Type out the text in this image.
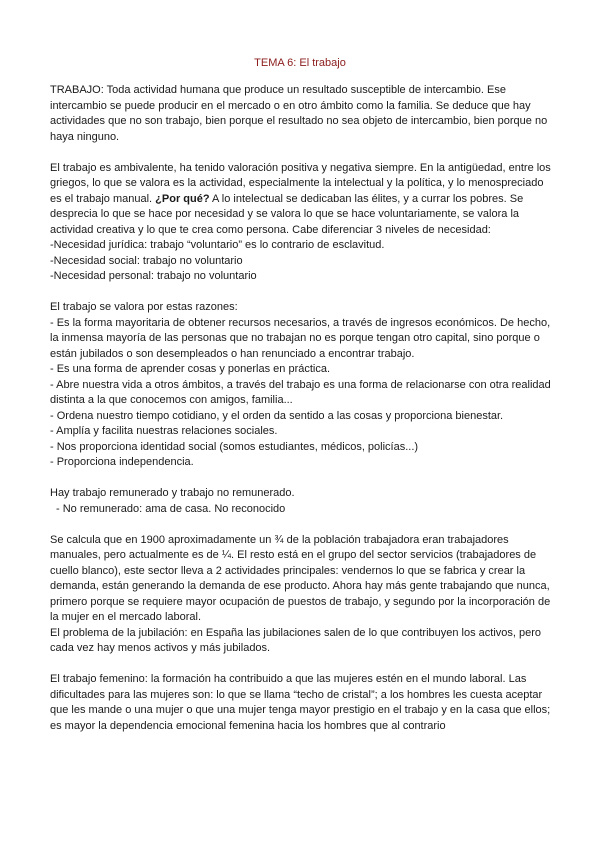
TEMA 6: El trabajo

TRABAJO: Toda actividad humana que produce un resultado susceptible de intercambio. Ese intercambio se puede producir en el mercado o en otro ámbito como la familia. Se deduce que hay actividades que no son trabajo, bien porque el resultado no sea objeto de intercambio, bien porque no haya ninguno.

El trabajo es ambivalente, ha tenido valoración positiva y negativa siempre. En la antigüedad, entre los griegos, lo que se valora es la actividad, especialmente la intelectual y la política, y lo menospreciado es el trabajo manual. ¿Por qué? A lo intelectual se dedicaban las élites, y a currar los pobres. Se desprecia lo que se hace por necesidad y se valora lo que se hace voluntariamente, se valora la actividad creativa y lo que te crea como persona. Cabe diferenciar 3 niveles de necesidad:

-Necesidad jurídica: trabajo “voluntario” es lo contrario de esclavitud.

-Necesidad social: trabajo no voluntario

-Necesidad personal: trabajo no voluntario

El trabajo se valora por estas razones:

- Es la forma mayoritaria de obtener recursos necesarios, a través de ingresos económicos. De hecho, la inmensa mayoría de las personas que no trabajan no es porque tengan otro capital, sino porque o están jubilados o son desempleados o han renunciado a encontrar trabajo.

- Es una forma de aprender cosas y ponerlas en práctica.

- Abre nuestra vida a otros ámbitos, a través del trabajo es una forma de relacionarse con otra realidad distinta a la que conocemos con amigos, familia...

- Ordena nuestro tiempo cotidiano, y el orden da sentido a las cosas y proporciona bienestar.

- Amplía y facilita nuestras relaciones sociales.

- Nos proporciona identidad social (somos estudiantes, médicos, policías...)

- Proporciona independencia.

Hay trabajo remunerado y trabajo no remunerado.

- No remunerado: ama de casa. No reconocido

Se calcula que en 1900 aproximadamente un ¾ de la población trabajadora eran trabajadores manuales, pero actualmente es de ¼. El resto está en el grupo del sector servicios (trabajadores de cuello blanco), este sector lleva a 2 actividades principales: vendernos lo que se fabrica y crear la demanda, están generando la demanda de ese producto. Ahora hay más gente trabajando que nunca, primero porque se requiere mayor ocupación de puestos de trabajo, y segundo por la incorporación de la mujer en el mercado laboral.

El problema de la jubilación: en España las jubilaciones salen de lo que contribuyen los activos, pero cada vez hay menos activos y más jubilados.

El trabajo femenino: la formación ha contribuido a que las mujeres estén en el mundo laboral. Las dificultades para las mujeres son: lo que se llama “techo de cristal”; a los hombres les cuesta aceptar que les mande o una mujer o que una mujer tenga mayor prestigio en el trabajo y en la casa que ellos; es mayor la dependencia emocional femenina hacia los hombres que al contrario
